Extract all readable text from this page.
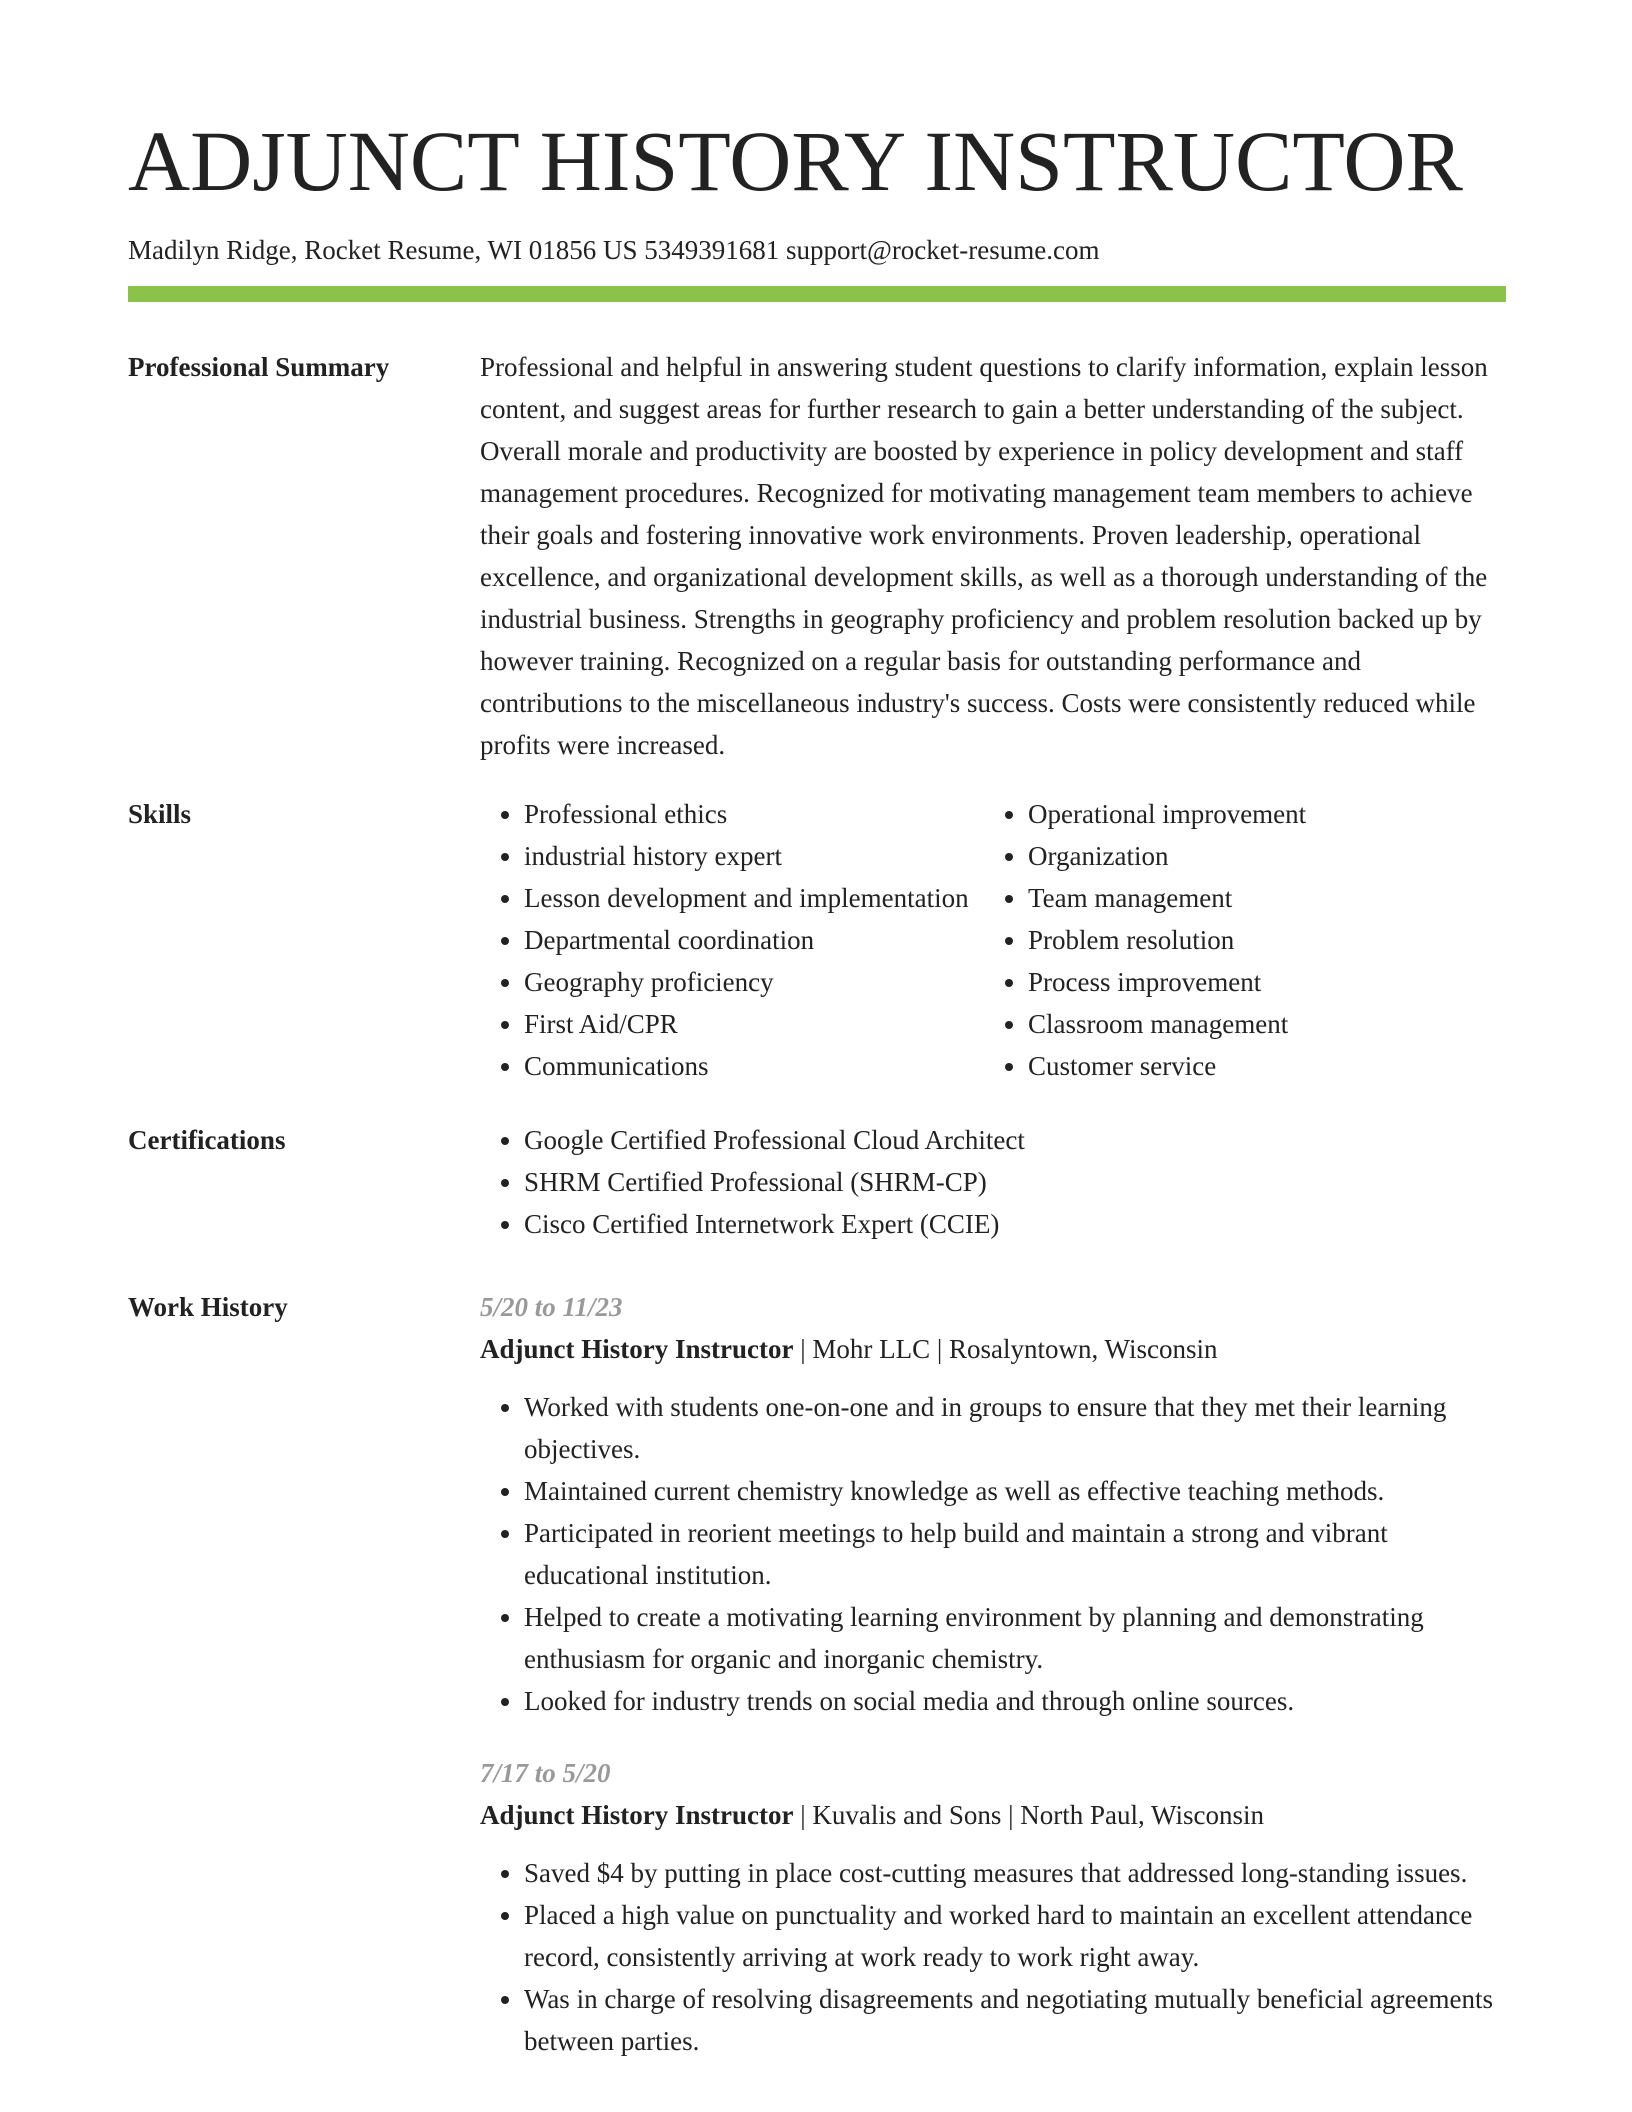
ADJUNCT HISTORY INSTRUCTOR
Madilyn Ridge, Rocket Resume, WI 01856 US 5349391681 support@rocket-resume.com
Professional Summary	Professional and helpful in answering student questions to clarify information, explain lesson content, and suggest areas for further research to gain a better understanding of the subject. Overall morale and productivity are boosted by experience in policy development and staff management procedures. Recognized for motivating management team members to achieve their goals and fostering innovative work environments. Proven leadership, operational excellence, and organizational development skills, as well as a thorough understanding of the industrial business. Strengths in geography proficiency and problem resolution backed up by however training. Recognized on a regular basis for outstanding performance and contributions to the miscellaneous industry's success. Costs were consistently reduced while profits were increased.

Skills	• Professional ethics
• industrial history expert
• Lesson development and implementation
• Departmental coordination
• Geography proficiency
• First Aid/CPR
• Communications
• Operational improvement
• Organization
• Team management
• Problem resolution
• Process improvement
• Classroom management
• Customer service
Certifications	• Google Certified Professional Cloud Architect
• SHRM Certified Professional (SHRM-CP)
• Cisco Certified Internetwork Expert (CCIE)
Work History	5/20 to 11/23
Adjunct History Instructor | Mohr LLC | Rosalyntown, Wisconsin
• Worked with students one-on-one and in groups to ensure that they met their learning objectives.
• Maintained current chemistry knowledge as well as effective teaching methods.
• Participated in reorient meetings to help build and maintain a strong and vibrant educational institution.
• Helped to create a motivating learning environment by planning and demonstrating enthusiasm for organic and inorganic chemistry.
• Looked for industry trends on social media and through online sources.
7/17 to 5/20
Adjunct History Instructor | Kuvalis and Sons | North Paul, Wisconsin
• Saved $4 by putting in place cost-cutting measures that addressed long-standing issues.
• Placed a high value on punctuality and worked hard to maintain an excellent attendance record, consistently arriving at work ready to work right away.
• Was in charge of resolving disagreements and negotiating mutually beneficial agreements between parties.
